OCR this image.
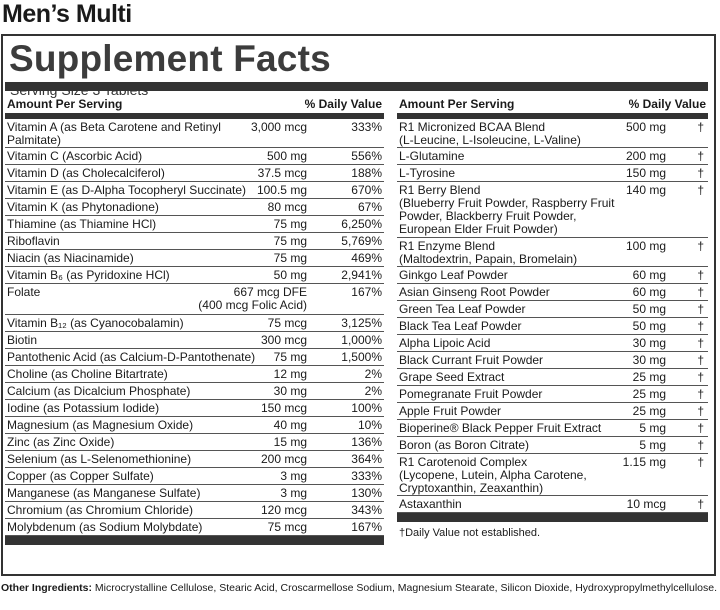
Men’s Multi
Supplement Facts
Amount Per Serving	% Daily Value
Vitamin A (as Beta Carotene and Retinyl
Palmitate)
3,000 mcg	333%
Vitamin C (Ascorbic Acid)	500 mg	556%
Vitamin D (as Cholecalciferol)	37.5 mcg	188%
Vitamin E (as D-Alpha Tocopheryl Succinate) 100.5 mg	670%
Vitamin K (as Phytonadione)	80 mcg	67%
Thiamine (as Thiamine HCl)	75 mg	6,250%
Riboflavin	75 mg	5,769%
Niacin (as Niacinamide)	75 mg	469%
Vitamin B₆ (as Pyridoxine HCl)	50 mg	2,941%
Folate	667 mcg DFE
(400 mcg Folic Acid)
167%
Vitamin B₁₂ (as Cyanocobalamin)	75 mcg	3,125%
Biotin	300 mcg	1,000%
Pantothenic Acid (as Calcium-D-Pantothenate) 75 mg	1,500%
Choline (as Choline Bitartrate)	12 mg	2%
Calcium (as Dicalcium Phosphate)	30 mg	2%
Iodine (as Potassium Iodide)	150 mcg	100%
Magnesium (as Magnesium Oxide)	40 mg	10%
Zinc (as Zinc Oxide)	15 mg	136%
Selenium (as L-Selenomethionine)	200 mcg	364%
Copper (as Copper Sulfate)	3 mg	333%
Manganese (as Manganese Sulfate)	3 mg	130%
Chromium (as Chromium Chloride)	120 mcg	343%
Molybdenum (as Sodium Molybdate)	75 mcg	167%
Amount Per Serving	% Daily Value
R1 Micronized BCAA Blend
(L-Leucine, L-Isoleucine, L-Valine)
500 mg	†
L-Glutamine	200 mg	†
L-Tyrosine	150 mg	†
R1 Berry Blend
(Blueberry Fruit Powder, Raspberry Fruit
Powder, Blackberry Fruit Powder,
European Elder Fruit Powder)
140 mg	†
R1 Enzyme Blend
(Maltodextrin, Papain, Bromelain)
100 mg	†
Ginkgo Leaf Powder	60 mg	†
Asian Ginseng Root Powder	60 mg	†
Green Tea Leaf Powder	50 mg	†
Black Tea Leaf Powder	50 mg	†
Alpha Lipoic Acid	30 mg	†
Black Currant Fruit Powder	30 mg	†
Grape Seed Extract	25 mg	†
Pomegranate Fruit Powder	25 mg	†
Apple Fruit Powder	25 mg	†
Bioperine® Black Pepper Fruit Extract	5 mg	†
Boron (as Boron Citrate)	5 mg	†
R1 Carotenoid Complex
(Lycopene, Lutein, Alpha Carotene,
Cryptoxanthin, Zeaxanthin)
1.15 mg	†
Astaxanthin	10 mcg	†
†Daily Value not established.
Other Ingredients: Microcrystalline Cellulose, Stearic Acid, Croscarmellose Sodium, Magnesium Stearate, Silicon Dioxide, Hydroxypropylmethylcellulose.
